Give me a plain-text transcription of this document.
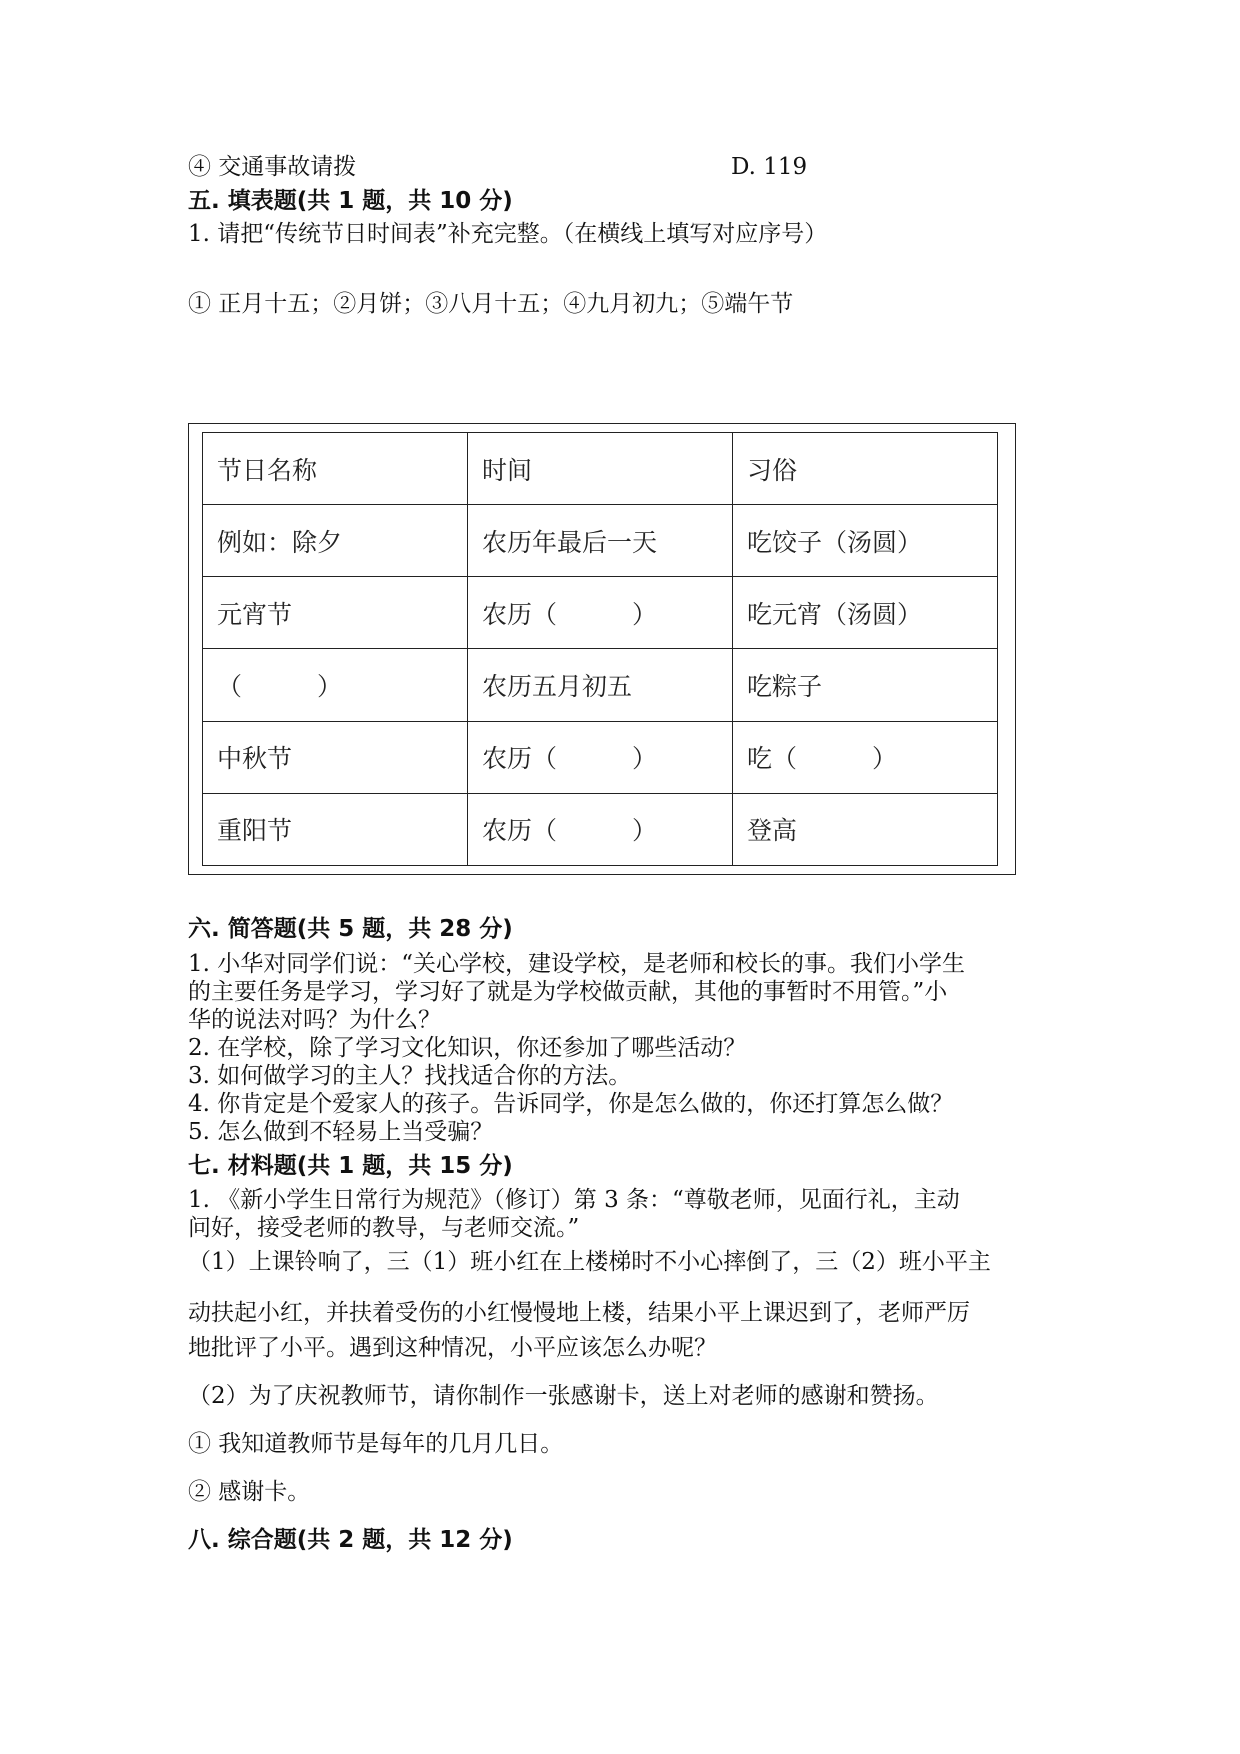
④ 交通事故请拨	D. 119
五. 填表题(共 1 题，共 10 分)
1. 请把“传统节日时间表”补充完整。（在横线上填写对应序号）
① 正月十五；②月饼；③八月十五；④九月初九；⑤端午节
节日名称	时间	习俗
例如：除夕	农历年最后一天	吃饺子（汤圆）
元宵节	农历（　　　）	吃元宵（汤圆）
（　　　）	农历五月初五	吃粽子
中秋节	农历（　　　）	吃（　　　）
重阳节	农历（　　　）	登高
六. 简答题(共 5 题，共 28 分)
1. 小华对同学们说：“关心学校，建设学校，是老师和校长的事。我们小学生
的主要任务是学习，学习好了就是为学校做贡献，其他的事暂时不用管。”小
华的说法对吗？为什么？
2. 在学校，除了学习文化知识，你还参加了哪些活动？
3. 如何做学习的主人？找找适合你的方法。
4. 你肯定是个爱家人的孩子。告诉同学，你是怎么做的，你还打算怎么做？
5. 怎么做到不轻易上当受骗？
七. 材料题(共 1 题，共 15 分)
1. 《新小学生日常行为规范》（修订）第 3 条：“尊敬老师，见面行礼，主动
问好，接受老师的教导，与老师交流。”
（1）上课铃响了，三（1）班小红在上楼梯时不小心摔倒了，三（2）班小平主
动扶起小红，并扶着受伤的小红慢慢地上楼，结果小平上课迟到了，老师严厉
地批评了小平。遇到这种情况，小平应该怎么办呢？
（2）为了庆祝教师节，请你制作一张感谢卡，送上对老师的感谢和赞扬。
① 我知道教师节是每年的几月几日。
② 感谢卡。
八. 综合题(共 2 题，共 12 分)
